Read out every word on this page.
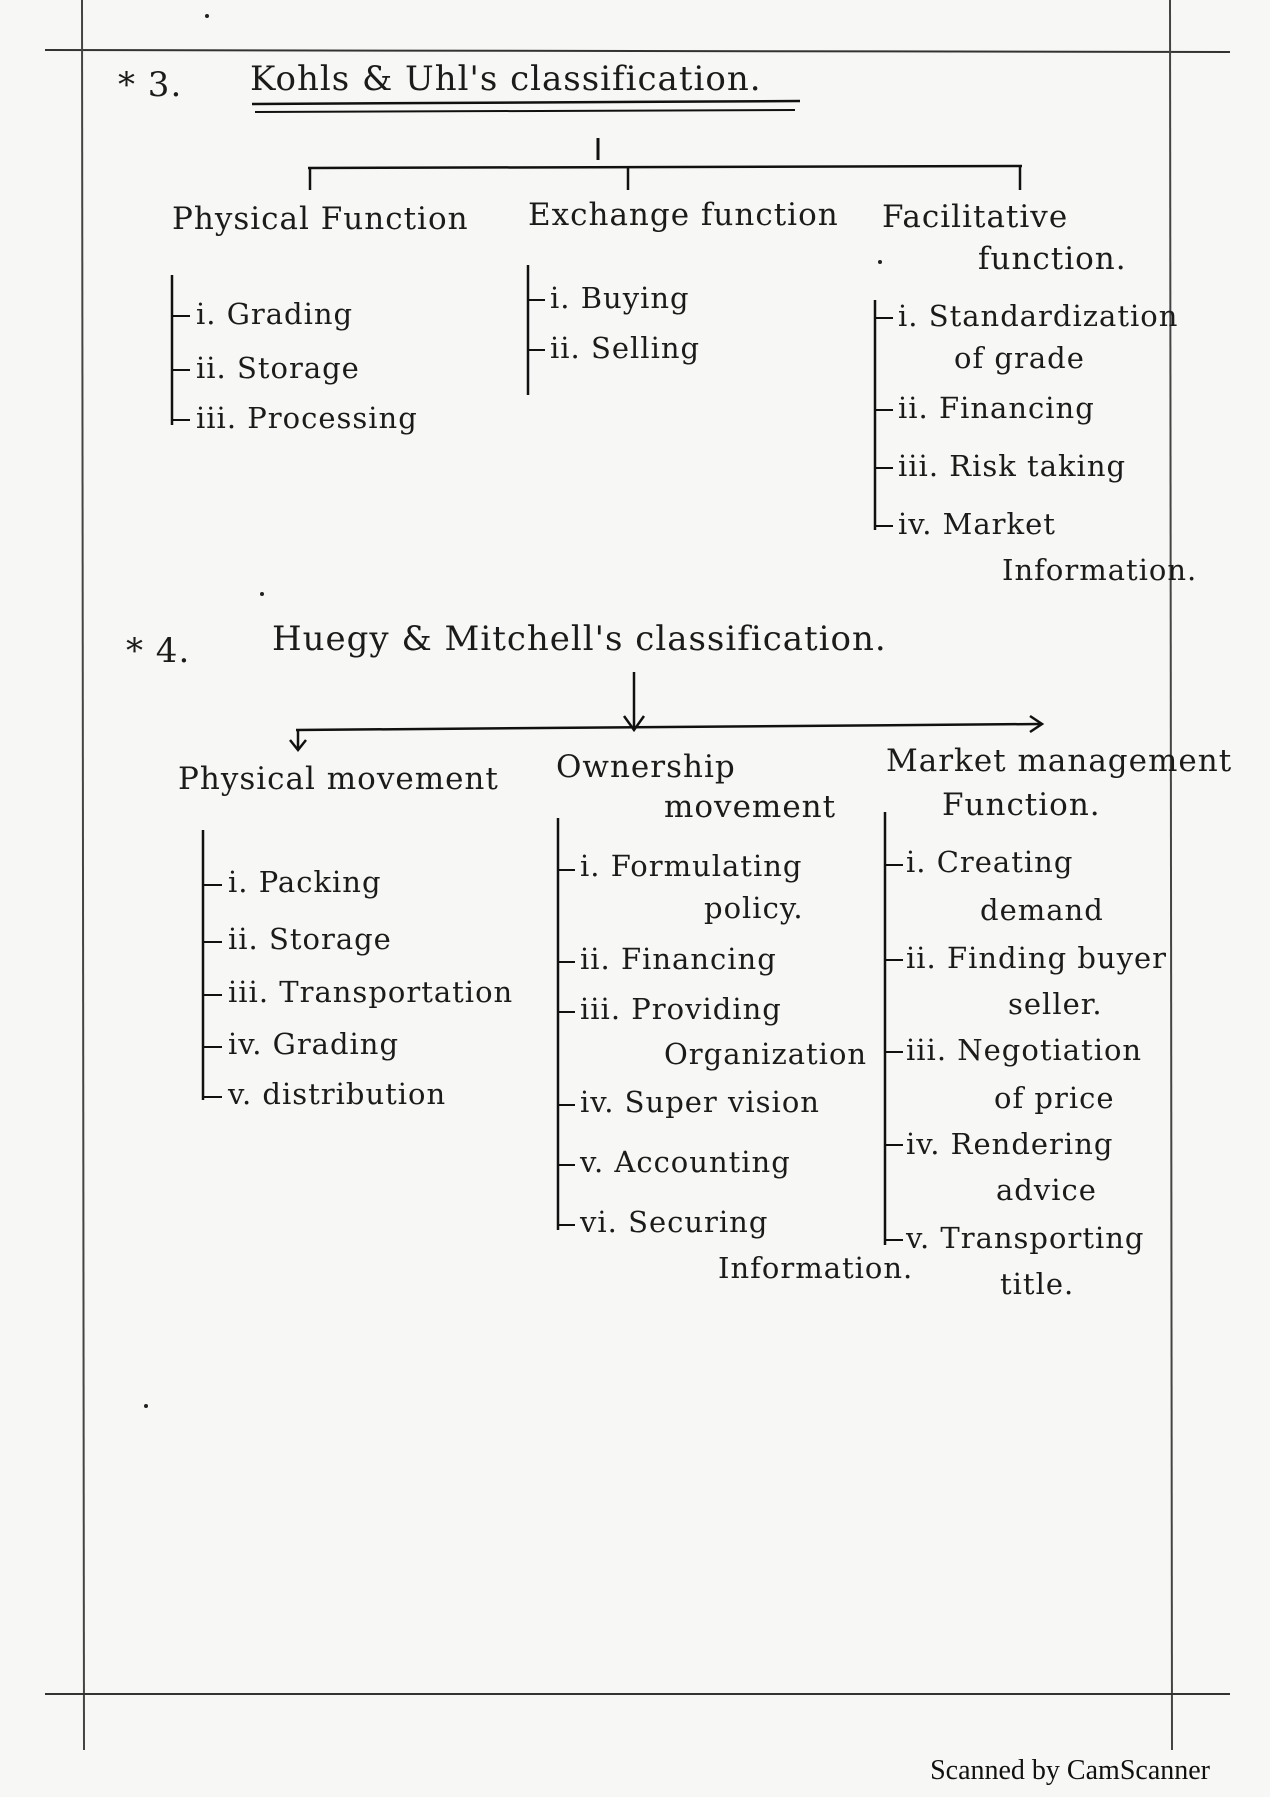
* 3. Kohls & Uhl's classification.
Physical Function
i. Grading
ii. Storage
iii. Processing
Exchange function
i. Buying
ii. Selling
Facilitative
function.
i. Standardization
of grade
ii. Financing
iii. Risk taking
iv. Market
Information.
* 4. Huegy & Mitchell's classification.
Physical movement
i. Packing
ii. Storage
iii. Transportation
iv. Grading
v. distribution
Ownership
movement
i. Formulating
policy.
ii. Financing
iii. Providing
Organization
iv. Super vision
v. Accounting
vi. Securing
Information.
Market management
Function.
i. Creating
demand
ii. Finding buyer
seller.
iii. Negotiation
of price
iv. Rendering
advice
v. Transporting
title.
Scanned by CamScanner
